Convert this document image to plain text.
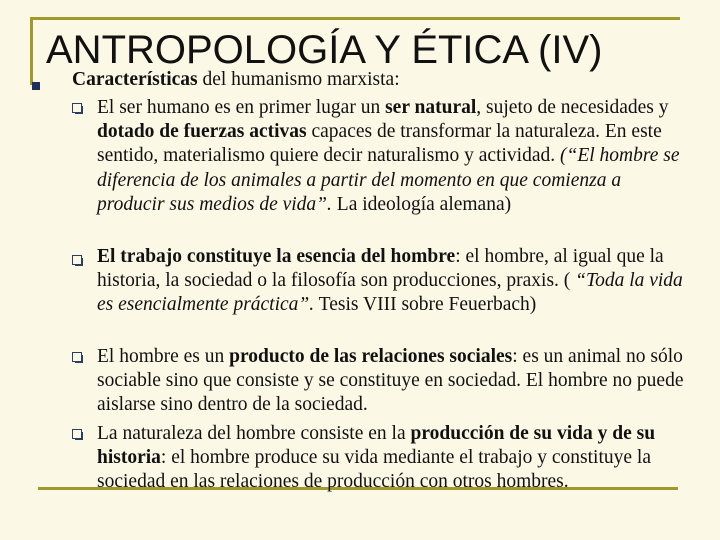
ANTROPOLOGÍA Y ÉTICA (IV)
Características del humanismo marxista:
El ser humano es en primer lugar un ser natural, sujeto de necesidades y dotado de fuerzas activas capaces de transformar la naturaleza. En este sentido, materialismo quiere decir naturalismo y actividad. (“El hombre se diferencia de los animales a partir del momento en que comienza a producir sus medios de vida”. La ideología alemana)
El trabajo constituye la esencia del hombre: el hombre, al igual que la historia, la sociedad o la filosofía son producciones, praxis. ( “Toda la vida es esencialmente práctica”. Tesis VIII sobre Feuerbach)
El hombre es un producto de las relaciones sociales: es un animal no sólo sociable sino que consiste y se constituye en sociedad. El hombre no puede aislarse sino dentro de la sociedad.
La naturaleza del hombre consiste en la producción de su vida y de su historia: el hombre produce su vida mediante el trabajo y constituye la sociedad en las relaciones de producción con otros hombres.
